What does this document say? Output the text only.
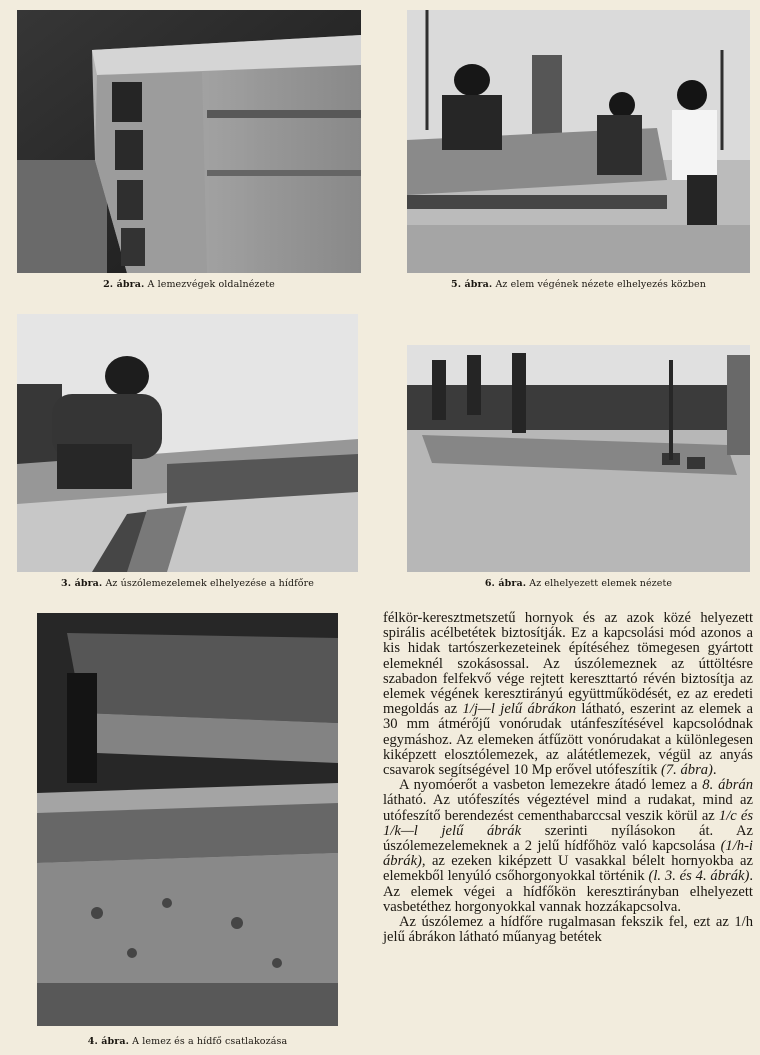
2. ábra. A lemezvégek oldalnézete	5. ábra. Az elem végének nézete elhelyezés közben
3. ábra. Az úszólemezelemek elhelyezése a hídfőre	6. ábra. Az elhelyezett elemek nézete
4. ábra. A lemez és a hídfő csatlakozása

félkör-keresztmetszetű hornyok és az azok közé helyezett spirális acélbetétek biztosítják. Ez a kapcsolási mód azonos a kis hidak tartószerkezeteinek építéséhez tömegesen gyártott elemeknél szokásossal. Az úszólemeznek az úttöltésre szabadon felfekvő vége rejtett kereszttartó révén biztosítja az elemek végének keresztirányú együttműködését, ez az eredeti megoldás az 1/j—l jelű ábrákon látható, eszerint az elemek a 30 mm átmérőjű vonórudak utánfeszítésével kapcsolódnak egymáshoz. Az elemeken átfűzött vonórudakat a különlegesen kiképzett elosztólemezek, az alátétlemezek, végül az anyás csavarok segítségével 10 Mp erővel utófeszítik (7. ábra).

A nyomóerőt a vasbeton lemezekre átadó lemez a 8. ábrán látható. Az utófeszítés végeztével mind a rudakat, mind az utófeszítő berendezést cementhabarccsal veszik körül az 1/c és 1/k—l jelű ábrák szerinti nyílásokon át. Az úszólemezelemeknek a 2 jelű hídfőhöz való kapcsolása (1/h-i ábrák), az ezeken kiképzett U vasakkal bélelt hornyokba az elemekből lenyúló csőhorgonyokkal történik (l. 3. és 4. ábrák). Az elemek végei a hídfőkön keresztirányban elhelyezett vasbetéthez horgonyokkal vannak hozzákapcsolva.

Az úszólemez a hídfőre rugalmasan fekszik fel, ezt az 1/h jelű ábrákon látható műanyag betétek
